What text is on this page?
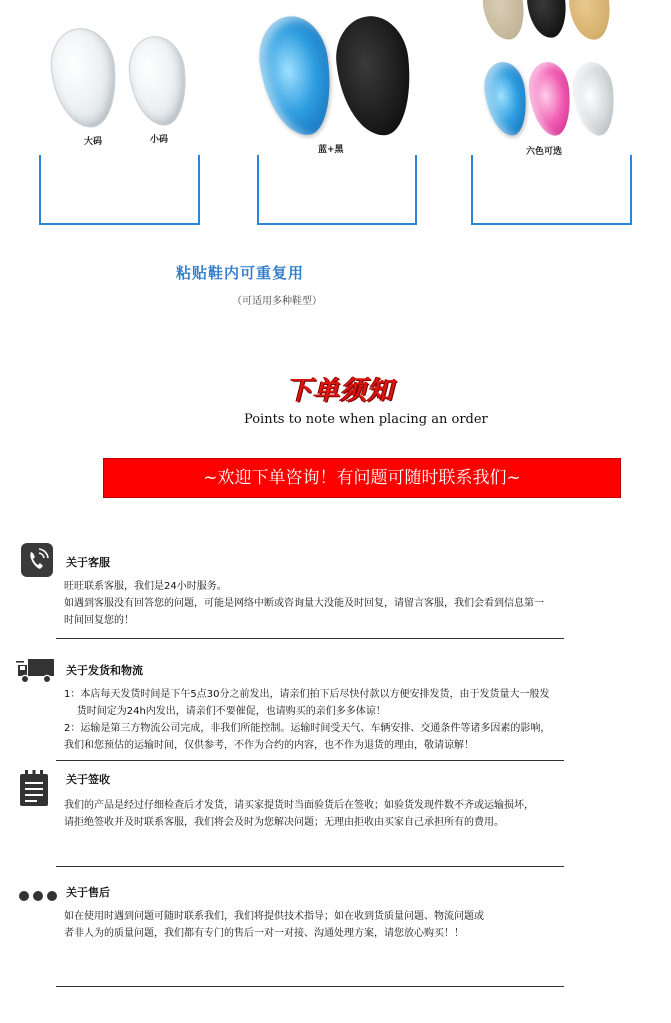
大码	小码
蓝+黑	六色可选
粘贴鞋内可重复用
（可适用多种鞋型）
下单须知
Points to note when placing an order
~欢迎下单咨询！有问题可随时联系我们~
关于客服
旺旺联系客服，我们是24小时服务。
如遇到客服没有回答您的问题，可能是网络中断或咨询量大没能及时回复，请留言客服，我们会看到信息第一
时间回复您的！
关于发货和物流
1：本店每天发货时间是下午5点30分之前发出，请亲们拍下后尽快付款以方便安排发货，由于发货量大一般发
货时间定为24h内发出，请亲们不要催促，也请购买的亲们多多体谅！
2：运输是第三方物流公司完成，非我们所能控制。运输时间受天气、车辆安排、交通条件等诸多因素的影响，
我们和您预估的运输时间，仅供参考，不作为合约的内容，也不作为退货的理由，敬请谅解！
关于签收
我们的产品是经过仔细检查后才发货，请买家提货时当面验货后在签收；如验货发现件数不齐或运输损坏，
请拒绝签收并及时联系客服，我们将会及时为您解决问题；无理由拒收由买家自己承担所有的费用。
关于售后
如在使用时遇到问题可随时联系我们，我们将提供技术指导；如在收到货质量问题、物流问题或
者非人为的质量问题，我们都有专门的售后一对一对接、沟通处理方案，请您放心购买！！
